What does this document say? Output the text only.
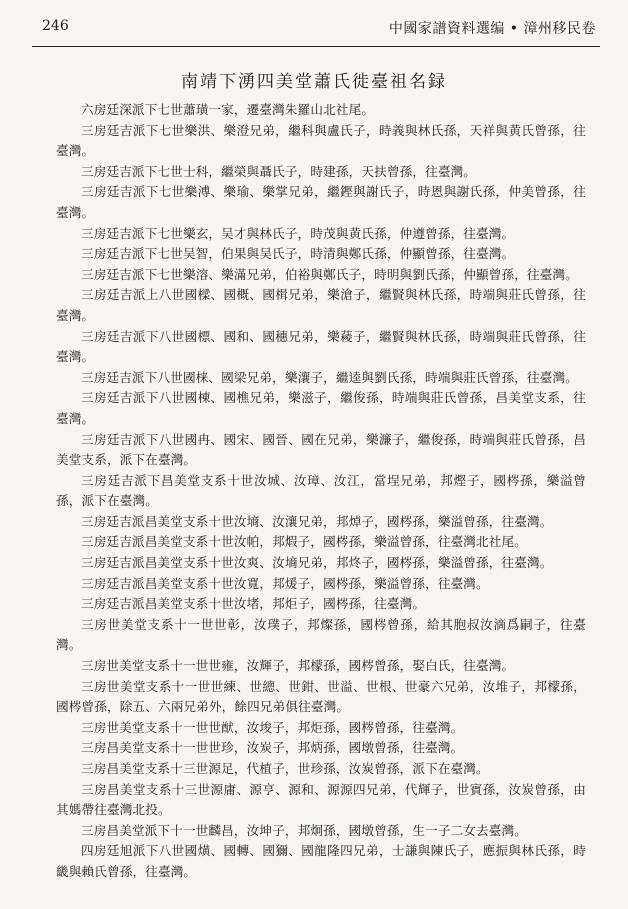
246	中國家譜資料選编 • 漳州移民卷
南靖下湧四美堂蕭氏徙臺祖名録

六房廷深派下七世蕭璜一家，遷臺灣朱羅山北社尾。

三房廷吉派下七世樂洪、樂澄兄弟，繼科與盧氏子，時義與林氏孫，天祥與黄氏曾孫，往臺灣。

三房廷吉派下七世士科，繼榮與聶氏子，時建孫，天扶曾孫，往臺灣。

三房廷吉派下七世樂溥、樂瑜、樂掌兄弟，繼鏗與謝氏子，時恩與謝氏孫，仲美曾孫，往臺灣。

三房廷吉派下七世樂玄，吴才與林氏子，時茂與黄氏孫，仲遵曾孫，往臺灣。

三房廷吉派下七世吴智，伯果與吴氏子，時清與鄭氏孫，仲顯曾孫，往臺灣。

三房廷吉派下七世樂溶、樂滿兄弟，伯裕與鄭氏子，時明與劉氏孫，仲顯曾孫，往臺灣。

三房廷吉派上八世國樑、國概、國楫兄弟，樂滄子，繼賢與林氏孫，時端與莊氏曾孫，往臺灣。

三房廷吉派下八世國標、國和、國穗兄弟，樂薐子，繼賢與林氏孫，時端與莊氏曾孫，往臺灣。

三房廷吉派下八世國梾、國梁兄弟，樂瀼子，繼逵與劉氏孫，時端與莊氏曾孫，往臺灣。

三房廷吉派下八世國棟、國樵兄弟，樂滋子，繼俊孫，時端與莊氏曾孫，昌美堂支系，往臺灣。

三房廷吉派下八世國冉、國宋、國晉、國在兄弟，樂濂子，繼俊孫，時端與莊氏曾孫，昌美堂支系，派下在臺灣。

三房廷吉派下昌美堂支系十世汝城、汝璋、汝江，當埕兄弟，邦熞子，國梣孫，樂溢曾孫，派下在臺灣。

三房廷吉派昌美堂支系十世汝墒、汝瀼兄弟，邦焯子，國梣孫，樂溢曾孫，往臺灣。

三房廷吉派昌美堂支系十世汝帕，邦煆子，國梣孫，樂溢曾孫，往臺灣北社尾。

三房廷吉派昌美堂支系十世汝爽、汝墒兄弟，邦炵子，國梣孫，樂溢曾孫，往臺灣。

三房廷吉派昌美堂支系十世汝寬，邦煖子，國梣孫，樂溢曾孫，往臺灣。

三房廷吉派昌美堂支系十世汝堵，邦炬子，國梣孫，往臺灣。

三房世美堂支系十一世世彰，汝璞子，邦燦孫，國梣曾孫，給其胞叔汝滴爲嗣子，往臺灣。

三房世美堂支系十一世世雍，汝輝子，邦檬孫，國梣曾孫，娶白氏，往臺灣。

三房世美堂支系十一世世練、世總、世鉗、世溢、世根、世豪六兄弟，汝堆子，邦檬孫，國梣曾孫，除五、六兩兄弟外，餘四兄弟俱往臺灣。

三房世美堂支系十一世世猷，汝埈子，邦炬孫，國梣曾孫，往臺灣。

三房昌美堂支系十一世世珍，汝炭子，邦炳孫，國墩曾孫，往臺灣。

三房昌美堂支系十三世源足，代植子，世珍孫，汝炭曾孫，派下在臺灣。

三房昌美堂支系十三世源庸、源亨、源和、源源四兄弟，代輝子，世賓孫，汝炭曾孫，由其媽帶往臺灣北投。

三房昌美堂派下十一世麟昌，汝坤子，邦炯孫，國墩曾孫，生一子二女去臺灣。

四房廷旭派下八世國熿、國轉、國獮、國龍隆四兄弟，士謙與陳氏子，應振與林氏孫，時畿與賴氏曾孫，往臺灣。
